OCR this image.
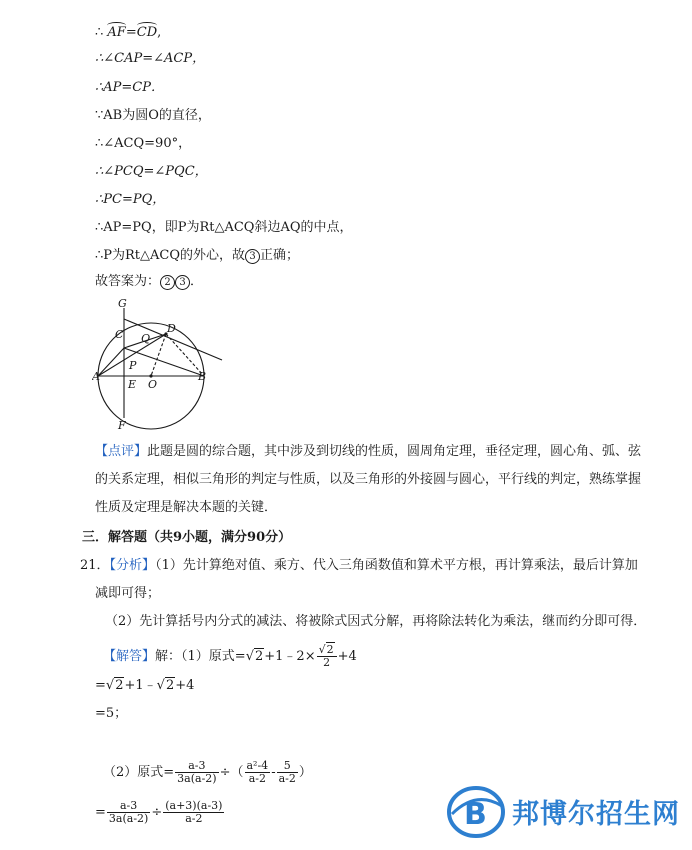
∴ AF=CD,
∴∠CAP=∠ACP，
∴AP=CP．
∵AB为圆O的直径，
∴∠ACQ=90°，
∴∠PCQ=∠PQC，
∴PC=PQ，
∴AP=PQ，即P为Rt△ACQ斜边AQ的中点，
∴P为Rt△ACQ的外心，故 3 正确；
故答案为： 2 3 ．
G
C Q
D
P
A
E O
B
F
【点评】此题是圆的综合题，其中涉及到切线的性质，圆周角定理，垂径定理，圆心角、弧、弦
的关系定理，相似三角形的判定与性质，以及三角形的外接圆与圆心，平行线的判定，熟练掌握
性质及定理是解决本题的关键．
三．解答题（共9小题，满分90分）
21．【分析】（1）先计算绝对值、乘方、代入三角函数值和算术平方根，再计算乘法，最后计算加
减即可得；
（2）先计算括号内分式的减法、将被除式因式分解，再将除法转化为乘法，继而约分即可得．
【解答】解：（1）原式=√2+1﹣2× $\frac{√2}{2} +4$
=√2+1﹣√2+4
=5；
（2）原式= $\frac{a-3}{3a(a-2)}$ ÷（ $\frac{\text{a²-4}}{a-2} - \frac{5}{a-2}$ ）
= $\frac{a-3}{3a(a-2)} \div \frac{(a+3)(a-3)}{a-2}$	B 邦博尔招生网
